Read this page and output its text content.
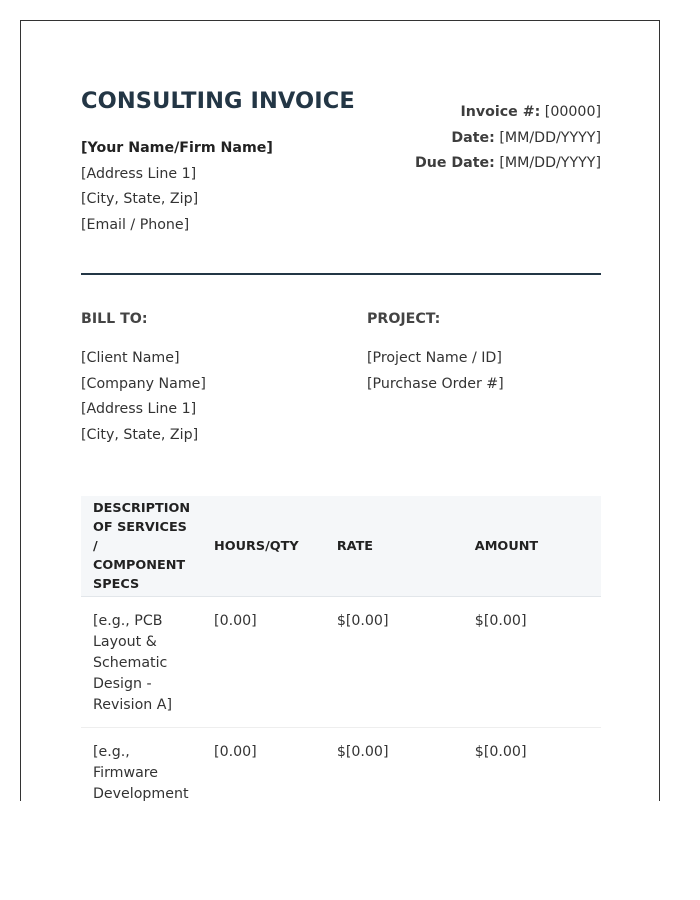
CONSULTING INVOICE	Invoice #: [00000]
Date: [MM/DD/YYYY]
Due Date: [MM/DD/YYYY]
[Your Name/Firm Name]
[Address Line 1]
[City, State, Zip]
[Email / Phone]
BILL TO:
[Client Name]
[Company Name]
[Address Line 1]
[City, State, Zip]
PROJECT:
[Project Name / ID]
[Purchase Order #]
DESCRIPTION OF SERVICES / COMPONENT SPECS	HOURS/QTY	RATE	AMOUNT
[e.g., PCB Layout & Schematic Design - Revision A]	[0.00]	$[0.00]	$[0.00]
[e.g., Firmware Development	[0.00]	$[0.00]	$[0.00]
